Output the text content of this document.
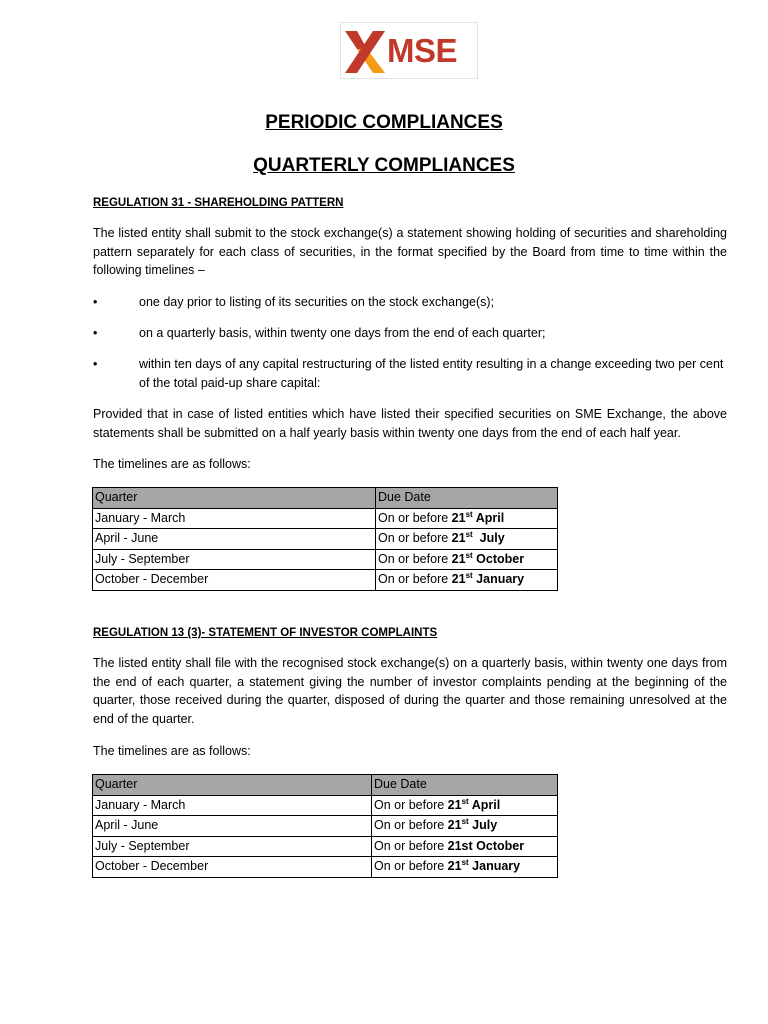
MSE
PERIODIC COMPLIANCES
QUARTERLY COMPLIANCES
REGULATION 31 - SHAREHOLDING PATTERN

The listed entity shall submit to the stock exchange(s) a statement showing holding of securities and shareholding pattern separately for each class of securities, in the format specified by the Board from time to time within the following timelines –

•	one day prior to listing of its securities on the stock exchange(s);
•	on a quarterly basis, within twenty one days from the end of each quarter;
•	within ten days of any capital restructuring of the listed entity resulting in a change exceeding two per cent of the total paid-up share capital:

Provided that in case of listed entities which have listed their specified securities on SME Exchange, the above statements shall be submitted on a half yearly basis within twenty one days from the end of each half year.

The timelines are as follows:
Quarter	Due Date
January - March	On or before 21st April
April - June	On or before 21st  July
July - September	On or before 21st October
October - December	On or before 21st January
REGULATION 13 (3)- STATEMENT OF INVESTOR COMPLAINTS

The listed entity shall file with the recognised stock exchange(s) on a quarterly basis, within twenty one days from the end of each quarter, a statement giving the number of investor complaints pending at the beginning of the quarter, those received during the quarter, disposed of during the quarter and those remaining unresolved at the end of the quarter.

The timelines are as follows:
Quarter	Due Date
January - March	On or before 21st April
April - June	On or before 21st July
July - September	On or before 21st October
October - December	On or before 21st January
